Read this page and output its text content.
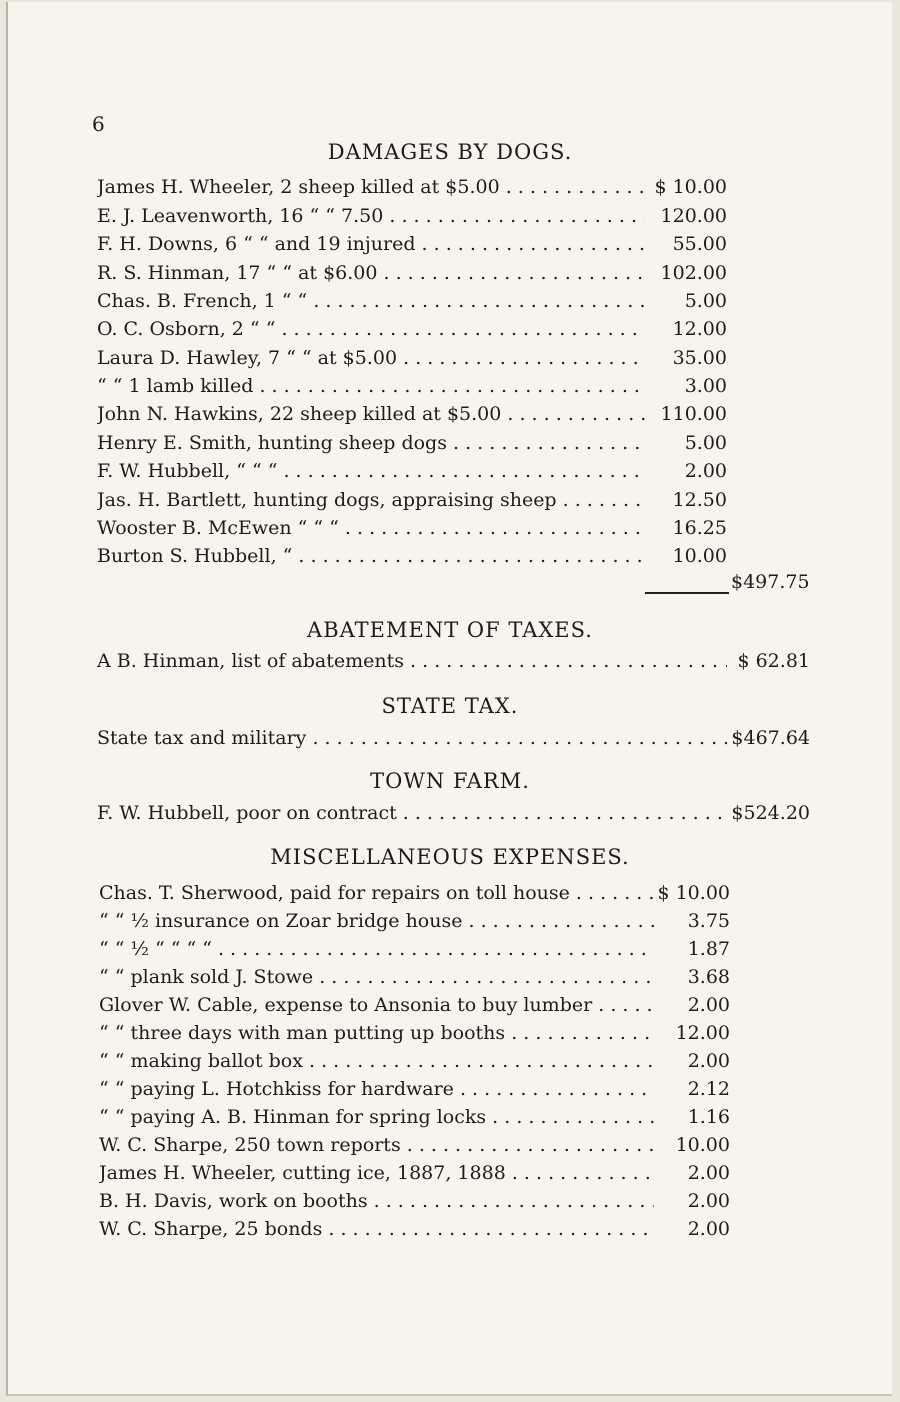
6
DAMAGES BY DOGS.
James H. Wheeler, 2 sheep killed at $5.00 . . .	$ 10.00
E. J. Leavenworth, 16 “ “ 7.50 . . .	120.00
F. H. Downs, 6 “ “ and 19 injured . . .	55.00
R. S. Hinman, 17 “ “ at $6.00 . . .	102.00
Chas. B. French, 1 “ “ . . .	5.00
O. C. Osborn, 2 “ “ . . .	12.00
Laura D. Hawley, 7 “ “ at $5.00 . . .	35.00
“ “ 1 lamb killed . . .	3.00
John N. Hawkins, 22 sheep killed at $5.00 . . .	110.00
Henry E. Smith, hunting sheep dogs . . .	5.00
F. W. Hubbell, “ “ “ . . .	2.00
Jas. H. Bartlett, hunting dogs, appraising sheep . . .	12.50
Wooster B. McEwen “ “ “ . . .	16.25
Burton S. Hubbell, “ . . .	10.00
$497.75
ABATEMENT OF TAXES.
A B. Hinman, list of abatements . . .	$ 62.81
STATE TAX.
State tax and military . . .	$467.64
TOWN FARM.
F. W. Hubbell, poor on contract . . .	$524.20
MISCELLANEOUS EXPENSES.
Chas. T. Sherwood, paid for repairs on toll house . . .	$ 10.00
“ “ ½ insurance on Zoar bridge house . . .	3.75
“ “ ½ “ “ “ “ . . .	1.87
“ “ plank sold J. Stowe . . .	3.68
Glover W. Cable, expense to Ansonia to buy lumber . . .	2.00
“ “ three days with man putting up booths . . .	12.00
“ “ making ballot box . . .	2.00
“ “ paying L. Hotchkiss for hardware . . .	2.12
“ “ paying A. B. Hinman for spring locks . . .	1.16
W. C. Sharpe, 250 town reports . . .	10.00
James H. Wheeler, cutting ice, 1887, 1888 . . .	2.00
B. H. Davis, work on booths . . .	2.00
W. C. Sharpe, 25 bonds . . .	2.00
